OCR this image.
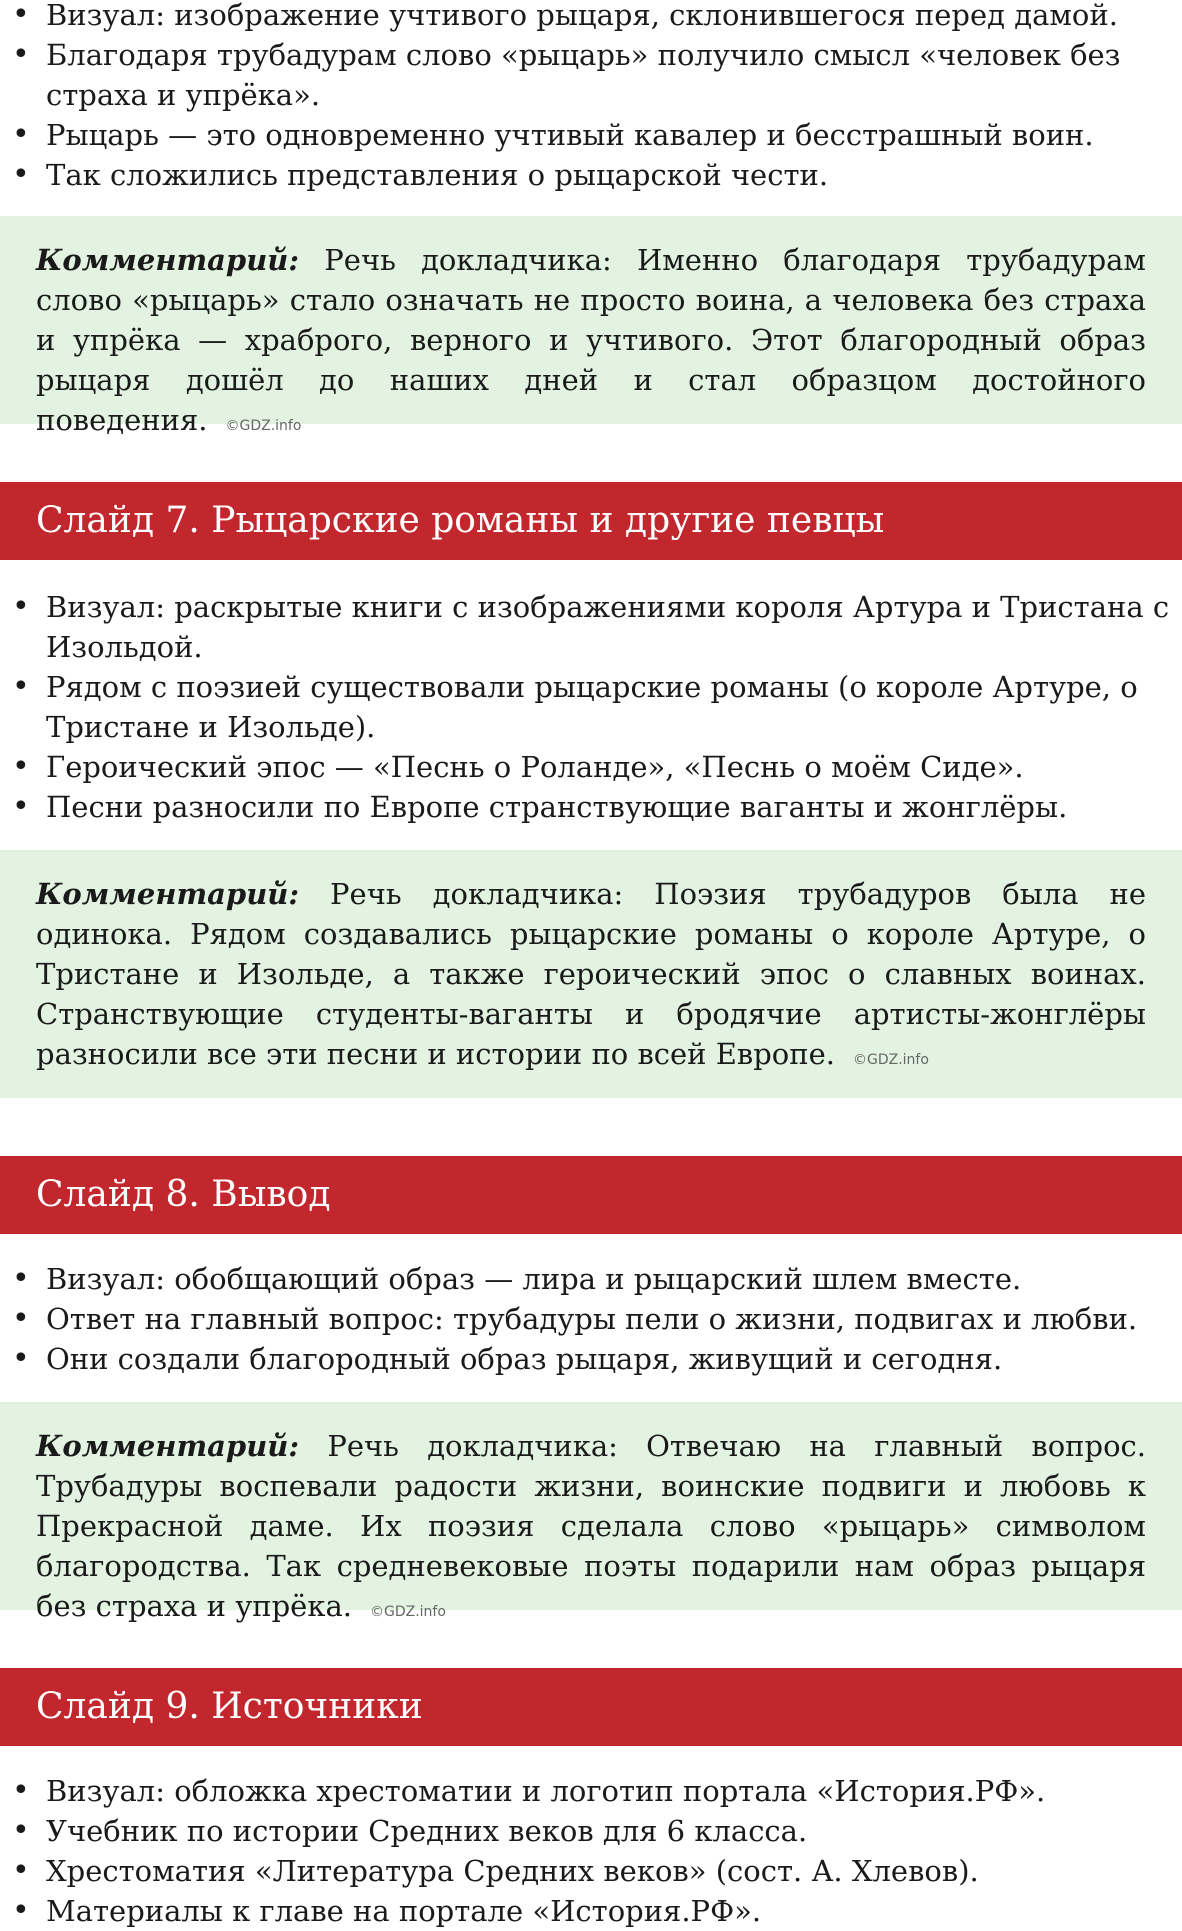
• Визуал: изображение учтивого рыцаря, склонившегося перед дамой.
• Благодаря трубадурам слово «рыцарь» получило смысл «человек без страха и упрёка».
• Рыцарь — это одновременно учтивый кавалер и бесстрашный воин.
• Так сложились представления о рыцарской чести.
Комментарий: Речь докладчика: Именно благодаря трубадурам слово «рыцарь» стало означать не просто воина, а человека без страха и упрёка — храброго, верного и учтивого. Этот благородный образ рыцаря дошёл до наших дней и стал образцом достойного поведения. ©GDZ.info
Слайд 7. Рыцарские романы и другие певцы
• Визуал: раскрытые книги с изображениями короля Артура и Тристана с Изольдой.
• Рядом с поэзией существовали рыцарские романы (о короле Артуре, о Тристане и Изольде).
• Героический эпос — «Песнь о Роланде», «Песнь о моём Сиде».
• Песни разносили по Европе странствующие ваганты и жонглёры.
Комментарий: Речь докладчика: Поэзия трубадуров была не одинока. Рядом создавались рыцарские романы о короле Артуре, о Тристане и Изольде, а также героический эпос о славных воинах. Странствующие студенты-ваганты и бродячие артисты-жонглёры разносили все эти песни и истории по всей Европе. ©GDZ.info
Слайд 8. Вывод
• Визуал: обобщающий образ — лира и рыцарский шлем вместе.
• Ответ на главный вопрос: трубадуры пели о жизни, подвигах и любви.
• Они создали благородный образ рыцаря, живущий и сегодня.
Комментарий: Речь докладчика: Отвечаю на главный вопрос. Трубадуры воспевали радости жизни, воинские подвиги и любовь к Прекрасной даме. Их поэзия сделала слово «рыцарь» символом благородства. Так средневековые поэты подарили нам образ рыцаря без страха и упрёка. ©GDZ.info
Слайд 9. Источники
• Визуал: обложка хрестоматии и логотип портала «История.РФ».
• Учебник по истории Средних веков для 6 класса.
• Хрестоматия «Литература Средних веков» (сост. А. Хлевов).
• Материалы к главе на портале «История.РФ».
